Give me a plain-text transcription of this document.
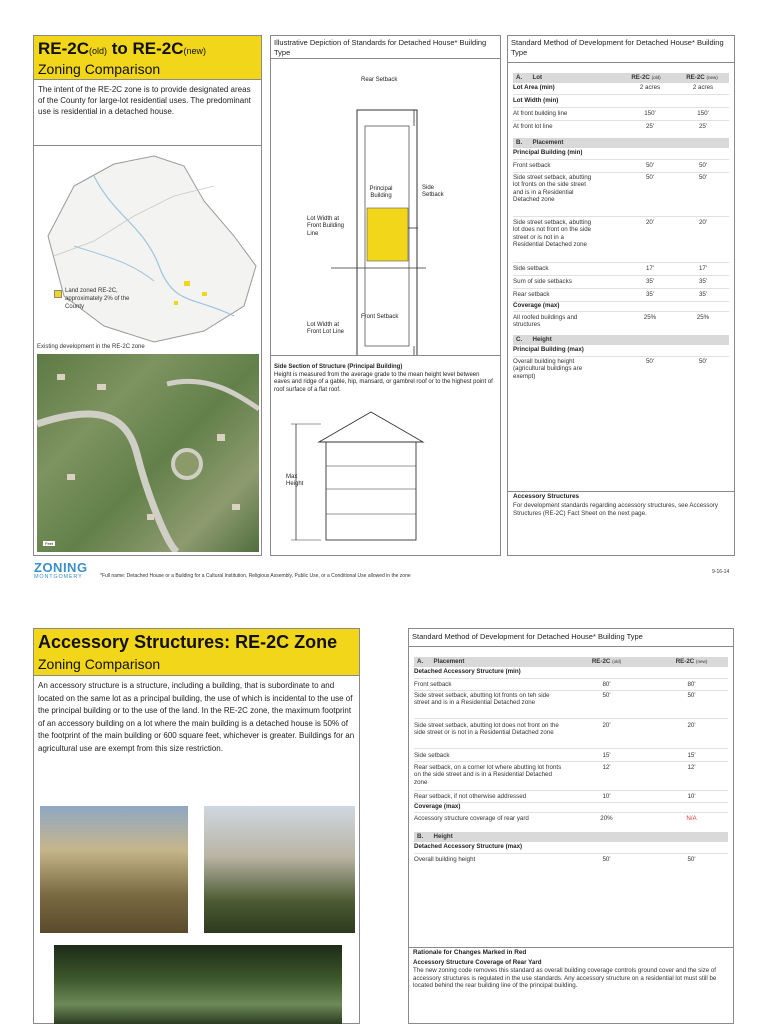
RE-2C(old) to RE-2C(new)
Zoning Comparison
The intent of the RE-2C zone is to provide designated areas of the County for large-lot residential uses. The predominant use is residential in a detached house.
Land zoned RE-2C, approximately 2% of the County
Existing development in the RE-2C zone
Feet
ZONING
MONTGOMERY	*Full name: Detached House or a Building for a Cultural Institution, Religious Assembly, Public Use, or a Conditional Use allowed in the zone
9-16-14
Illustrative Depiction of Standards for Detached House* Building Type
Rear Setback
Principal Building
Side Setback
Lot Width at Front Building Line
Front Setback
Lot Width at Front Lot Line
Side Section of Structure (Principal Building)
Height is measured from the average grade to the mean height level between eaves and ridge of a gable, hip, mansard, or gambrel roof or to the highest point of roof surface of a flat roof.
Max Height
Standard Method of Development for Detached House* Building Type
A.      Lot	RE-2C (old)	RE-2C (new)
Lot Area (min)	2 acres	2 acres
Lot Width (min)
At front building line	150'	150'
At front lot line	25'	25'
B.      Placement
Principal Building (min)
Front setback	50'	50'
Side street setback, abutting lot fronts on the side street and is in a Residential Detached zone
50'	50'
Side street setback, abutting lot does not front on the side street or is not in a Residential Detached zone
20'	20'
Side setback	17'	17'
Sum of side setbacks	35'	35'
Rear setback	35'	35'
Coverage (max)
All roofed buildings and structures
25%	25%
C.      Height
Principal Building (max)
Overall building height (agricultural buildings are exempt)
50'	50'
Accessory Structures
For development standards regarding accessory structures, see Accessory Structures (RE-2C) Fact Sheet on the next page.
Accessory Structures: RE-2C Zone
Zoning Comparison
An accessory structure is a structure, including a building, that is subordinate to and located on the same lot as a principal building, the use of which is incidental to the use of the principal building or to the use of the land. In the RE-2C zone, the maximum footprint of an accessory building on a lot where the main building is a detached house is 50% of the footprint of the main building or 600 square feet, whichever is greater. Buildings for an agricultural use are exempt from this size restriction.
Standard Method of Development for Detached House* Building Type
A.      Placement	RE-2C (old)	RE-2C (new)
Detached Accessory Structure (min)
Front setback	80'	80'
Side street setback, abutting lot fronts on teh side street and is in a Residential Detached zone
50'	50'
Side street setback, abutting lot does not front on the side street or is not in a Residential Detached zone
20'	20'
Side setback	15'	15'
Rear setback, on a corner lot where abutting lot fronts on the side street and is in a Residential Detached zone
12'	12'
Rear setback, if not otherwise addressed	10'	10'
Coverage (max)
Accessory structure coverage of rear yard	20%	N/A
B.      Height
Detached Accessory Structure (max)
Overall building height	50'	50'
Rationale for Changes Marked in Red
Accessory Structure Coverage of Rear Yard
The new zoning code removes this standard as overall building coverage controls ground cover and the size of accessory structures is regulated in the use standards. Any accessory structure on a residential lot must still be located behind the rear building line of the principal building.
